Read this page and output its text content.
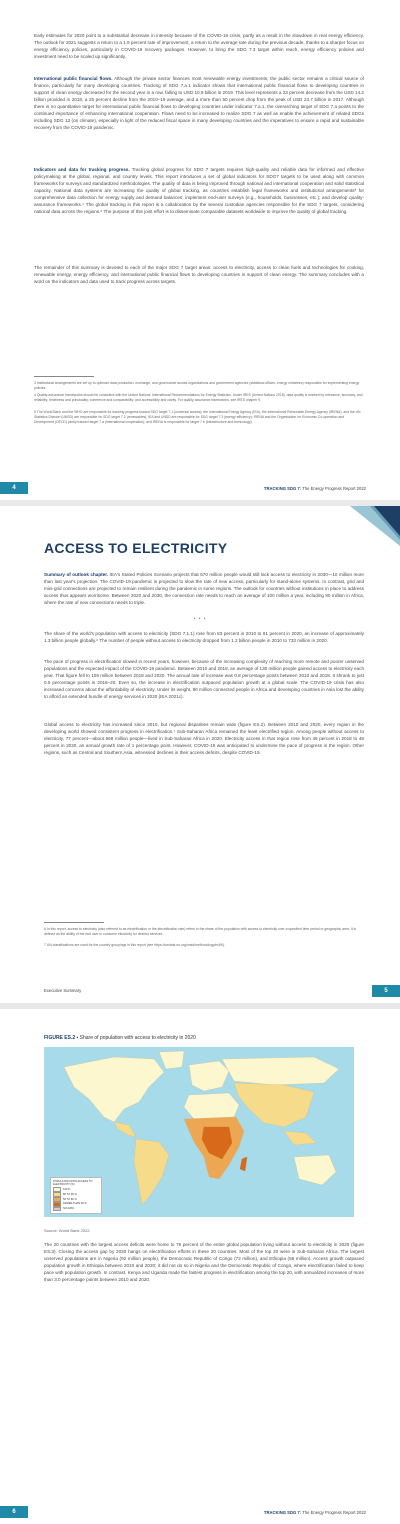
Early estimates for 2020 point to a substantial decrease in intensity because of the COVID-19 crisis, partly as a result in the slowdown in real energy efficiency. The outlook for 2021 suggests a return to a 1.9 percent rate of improvement, a return to the average rate during the previous decade, thanks to a sharper focus on energy efficiency policies, particularly in COVID-19 recovery packages. However, to bring the SDG 7.3 target within reach, energy efficiency policies and investment need to be scaled up significantly.

International public financial flows. Although the private sector finances most renewable energy investments, the public sector remains a critical source of finance, particularly for many developing countries. Tracking of SDG 7.a.1 indicator shows that international public financial flows to developing countries in support of clean energy decreased for the second year in a row, falling to USD 10.9 billion in 2019. This level represents a 23 percent decrease from the USD 14.2 billion provided in 2018, a 25 percent decline from the 2010–19 average, and a more than 50 percent drop from the peak of USD 24.7 billion in 2017. Although there is no quantitative target for international public financial flows to developing countries under indicator 7.a.1, the overarching target of SDG 7.a points to the continued importance of enhancing international cooperation. Flows need to be increased to realize SDG 7 as well as enable the achievement of related SDGs including SDG 13 (on climate), especially in light of the reduced fiscal space in many developing countries and the imperatives to ensure a rapid and sustainable recovery from the COVID-19 pandemic.

Indicators and data for tracking progress. Tracking global progress for SDG 7 targets requires high-quality and reliable data for informed and effective policymaking at the global, regional, and country levels. This report introduces a set of global indicators for SDG7 targets to be used along with common frameworks for surveys and standardized methodologies. The quality of data is being improved through national and international cooperation and solid statistical capacity. National data systems are increasing the quality of global tracking, as countries establish legal frameworks and institutional arrangements³ for comprehensive data collection for energy supply and demand balances; implement end-user surveys (e.g., households, businesses, etc.); and develop quality-assurance frameworks.⁴ The global tracking in this report is a collaboration by the several custodian agencies responsible for the SDG 7 targets, considering national data across the regions.⁵ The purpose of this joint effort is to disseminate comparable datasets worldwide to improve the quality of global tracking.

The remainder of this summary is devoted to each of the major SDG 7 target areas: access to electricity, access to clean fuels and technologies for cooking, renewable energy, energy efficiency, and international public financial flows to developing countries in support of clean energy. The summary concludes with a word on the indicators and data used to track progress across targets.

3 Institutional arrangements are set up to optimize data production, exchange, and governance across organizations and government agencies (statistical offices, energy ministries) responsible for implementing energy policies.

4 Quality-assurance frameworks should be consistent with the United Nations' International Recommendations for Energy Statistics. Under IRES (United Nations 2018), data quality is marked by relevance, accuracy, and reliability; timeliness and punctuality; coherence and comparability; and accessibility and clarity. For quality-assurance frameworks, see IRES chapter 9.

5 The World Bank and the WHO are responsible for tracking progress toward SDG target 7.1 (universal access); the International Energy Agency (IEA), the International Renewable Energy Agency (IRENA), and the UN Statistics Division (UNSD) are responsible for SDG target 7.2 (renewables); IEA and UNSD are responsible for SDG target 7.3 (energy efficiency); IRENA and the Organisation for Economic Co-operation and Development (OECD) jointly tracked target 7.a (international cooperation); and IRENA is responsible for target 7.b (infrastructure and technology).

4	TRACKING SDG 7: The Energy Progress Report 2022
ACCESS TO ELECTRICITY

Summary of outlook chapter. IEA's Stated Policies Scenario projects that 670 million people would still lack access to electricity in 2030—10 million more than last year's projection. The COVID-19 pandemic is projected to slow the rate of new access, particularly for stand-alone systems. In contrast, grid and mini-grid connections are projected to remain resilient during the pandemic in some regions. The outlook for countries without institutions in place to address access thus appears worrisome. Between 2020 and 2030, the connection rate needs to reach an average of 100 million a year, including 80 million in Africa, where the rate of new connections needs to triple.

• • •

The share of the world's population with access to electricity (SDG 7.1.1) rose from 83 percent in 2010 to 91 percent in 2020, an increase of approximately 1.3 billion people globally.⁶ The number of people without access to electricity dropped from 1.2 billion people in 2010 to 733 million in 2020.

The pace of progress in electrification slowed in recent years, however, because of the increasing complexity of reaching more remote and poorer unserved populations and the expected impact of the COVID-19 pandemic. Between 2010 and 2018, an average of 130 million people gained access to electricity each year. That figure fell to 109 million between 2018 and 2020. The annual rate of increase was 0.8 percentage points between 2010 and 2018. It shrank to just 0.5 percentage points in 2018–20. Even so, the increase in electrification outpaced population growth at a global scale. The COVID-19 crisis has also increased concerns about the affordability of electricity. Under its weight, 90 million connected people in Africa and developing countries in Asia lost the ability to afford an extended bundle of energy services in 2020 (IEA 2021c).

Global access to electricity has increased since 2010, but regional disparities remain wide (figure ES.2). Between 2010 and 2020, every region in the developing world showed consistent progress in electrification.⁷ Sub-Saharan Africa remained the least electrified region. Among people without access to electricity, 77 percent—about 568 million people—lived in Sub-Saharan Africa in 2020. Electricity access in that region rose from 46 percent in 2018 to 48 percent in 2020, an annual growth rate of 1 percentage point. However, COVID-19 was anticipated to undermine the pace of progress in the region. Other regions, such as Central and Southern Asia, witnessed declines in their access deficits, despite COVID-19.

6 In this report, access to electricity (also referred to as electrification or the electrification rate) refers to the share of the population with access to electricity over a specified time period or geographic area. It is defined as the ability of the end user to consume electricity for desired services.

7 UN classifications are used for the country groupings in this report (see https://unstats.un.org/unsd/methodology/m49/).

Executive Summary	5
FIGURE ES.2 • Share of population with access to electricity in 2020
POPULATION WITH ACCESS TO ELECTRICITY (%)
100 %
80 TO 99 %
50 TO 80 %
FEWER THAN 50 %
NO DATA
Source: World Bank 2022.

The 20 countries with the largest access deficits were home to 76 percent of the entire global population living without access to electricity in 2020 (figure ES.3). Closing the access gap by 2030 hangs on electrification efforts in these 20 countries. Most of the top 20 were in Sub-Saharan Africa. The largest unserved populations are in Nigeria (92 million people), the Democratic Republic of Congo (72 million), and Ethiopia (56 million). Access growth outpaced population growth in Ethiopia between 2010 and 2020; it did not do so in Nigeria and the Democratic Republic of Congo, where electrification failed to keep pace with population growth. In contrast, Kenya and Uganda made the fastest progress in electrification among the top 20, with annualized increases of more than 3.0 percentage points between 2010 and 2020.

6	TRACKING SDG 7: The Energy Progress Report 2022
